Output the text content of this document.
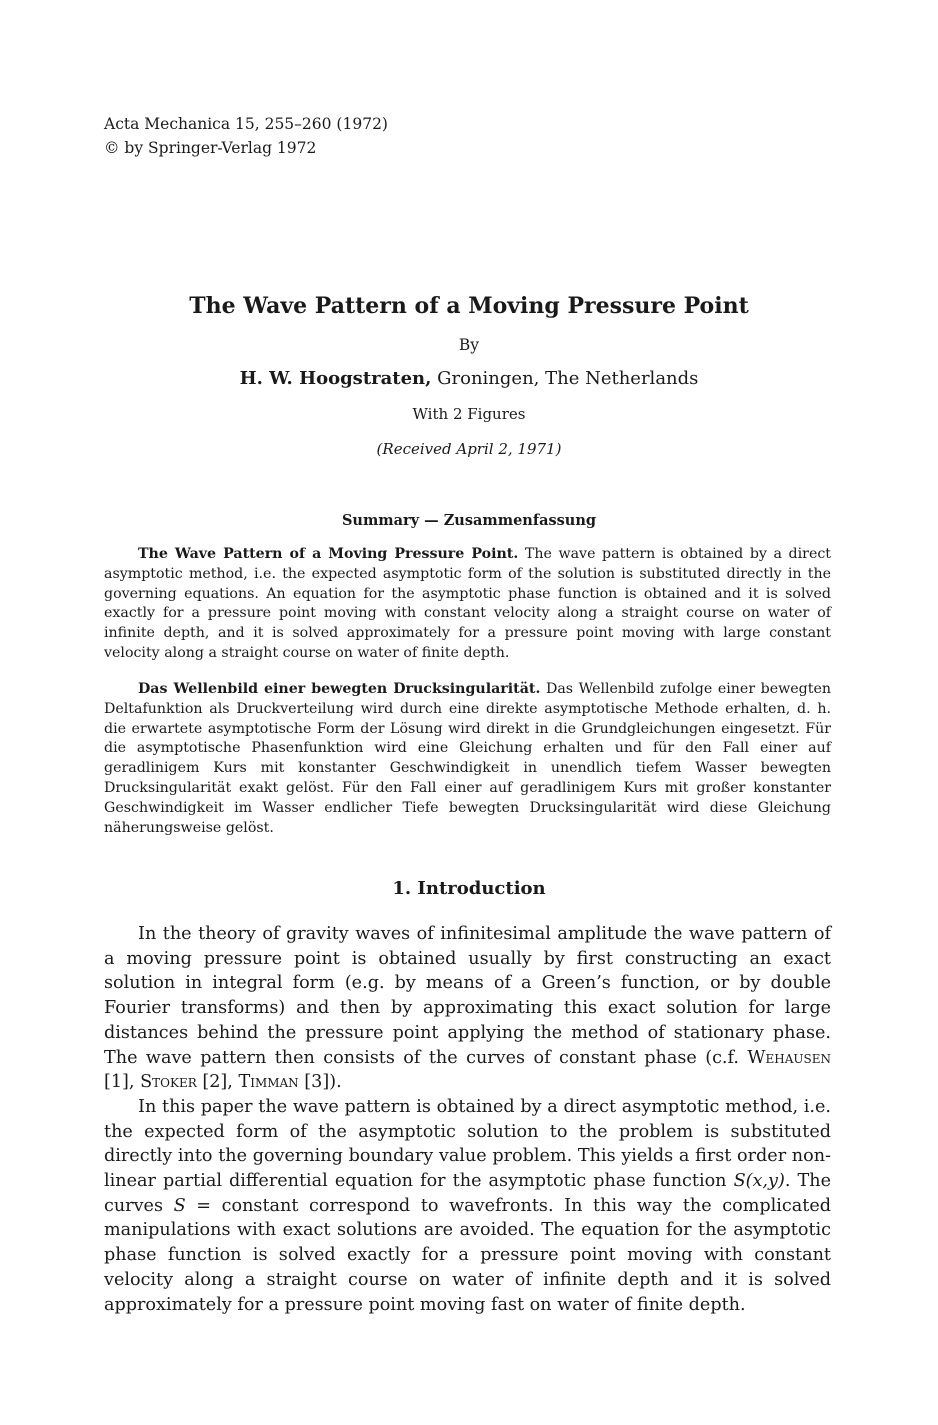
Acta Mechanica 15, 255–260 (1972)
© by Springer-Verlag 1972
The Wave Pattern of a Moving Pressure Point
By
H. W. Hoogstraten, Groningen, The Netherlands
With 2 Figures
(Received April 2, 1971)
Summary — Zusammenfassung

The Wave Pattern of a Moving Pressure Point. The wave pattern is obtained by a direct asymptotic method, i.e. the expected asymptotic form of the solution is substituted directly in the governing equations. An equation for the asymptotic phase function is obtained and it is solved exactly for a pressure point moving with constant velocity along a straight course on water of infinite depth, and it is solved approximately for a pressure point moving with large constant velocity along a straight course on water of finite depth.

Das Wellenbild einer bewegten Drucksingularität. Das Wellenbild zufolge einer bewegten Deltafunktion als Druckverteilung wird durch eine direkte asymptotische Methode erhalten, d. h. die erwartete asymptotische Form der Lösung wird direkt in die Grundgleichungen eingesetzt. Für die asymptotische Phasenfunktion wird eine Gleichung erhalten und für den Fall einer auf geradlinigem Kurs mit konstanter Geschwindigkeit in unendlich tiefem Wasser bewegten Drucksingularität exakt gelöst. Für den Fall einer auf geradlinigem Kurs mit großer konstanter Geschwindigkeit im Wasser endlicher Tiefe bewegten Drucksingularität wird diese Gleichung näherungsweise gelöst.

1. Introduction

In the theory of gravity waves of infinitesimal amplitude the wave pattern of a moving pressure point is obtained usually by first constructing an exact solution in integral form (e.g. by means of a Green’s function, or by double Fourier transforms) and then by approximating this exact solution for large distances behind the pressure point applying the method of stationary phase. The wave pattern then consists of the curves of constant phase (c.f. Wehausen [1], Stoker [2], Timman [3]).

In this paper the wave pattern is obtained by a direct asymptotic method, i.e. the expected form of the asymptotic solution to the problem is substituted directly into the governing boundary value problem. This yields a first order non-linear partial differential equation for the asymptotic phase function S(x,y). The curves S = constant correspond to wavefronts. In this way the complicated manipulations with exact solutions are avoided. The equation for the asymptotic phase function is solved exactly for a pressure point moving with constant velocity along a straight course on water of infinite depth and it is solved approximately for a pressure point moving fast on water of finite depth.
